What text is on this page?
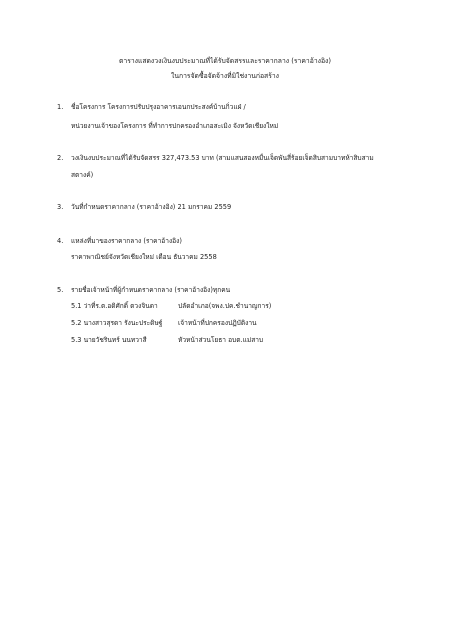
ตารางแสดงวงเงินงบประมาณที่ได้รับจัดสรรและราคากลาง (ราคาอ้างอิง)
ในการจัดซื้อจัดจ้างที่มิใช่งานก่อสร้าง
1. ชื่อโครงการ โครงการปรับปรุงอาคารเอนกประสงค์บ้านกิ่วแฝ่ /
หน่วยงานเจ้าของโครงการ ที่ทำการปกครองอำเภอสะเมิง จังหวัดเชียงใหม่
2. วงเงินงบประมาณที่ได้รับจัดสรร 327,473.53 บาท (สามแสนสองหมื่นเจ็ดพันสี่ร้อยเจ็ดสิบสามบาทห้าสิบสาม
สตางค์)
3. วันที่กำหนดราคากลาง (ราคาอ้างอิง) 21 มกราคม 2559
4. แหล่งที่มาของราคากลาง (ราคาอ้างอิง)
ราคาพาณิชย์จังหวัดเชียงใหม่ เดือน ธันวาคม 2558
5. รายชื่อเจ้าหน้าที่ผู้กำหนดราคากลาง (ราคาอ้างอิง)ทุกคน
5.1 ว่าที่ร.ต.อดิศักดิ์ ตวงจินดา	ปลัดอำเภอ(จพง.ปค.ชำนาญการ)
5.2 นางสาวสุรดา รังนะประดิษฐ์ เจ้าหน้าที่ปกครองปฏิบัติงาน
5.3 นายวัชรินทร์ นนทวาสี	หัวหน้าส่วนโยธา อบต.แม่สาบ
